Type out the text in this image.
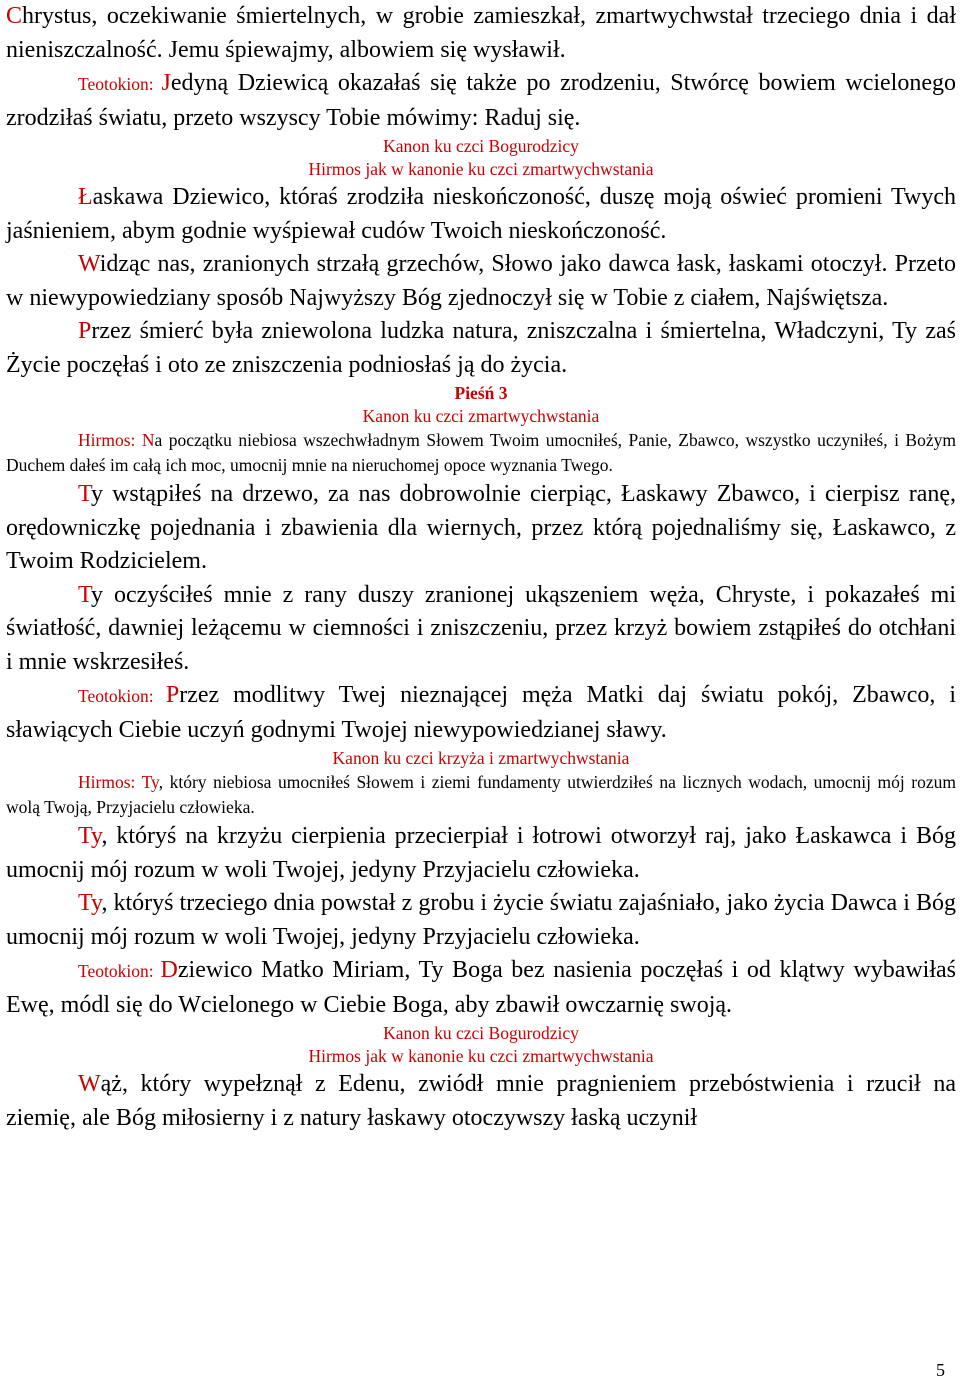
Chrystus, oczekiwanie śmiertelnych, w grobie zamieszkał, zmartwychwstał trzeciego dnia i dał nieniszczalność. Jemu śpiewajmy, albowiem się wysławił.

Teotokion: Jedyną Dziewicą okazałaś się także po zrodzeniu, Stwórcę bowiem wcielonego zrodziłaś światu, przeto wszyscy Tobie mówimy: Raduj się.

Kanon ku czci Bogurodzicy

Hirmos jak w kanonie ku czci zmartwychwstania

Łaskawa Dziewico, któraś zrodziła nieskończoność, duszę moją oświeć promieni Twych jaśnieniem, abym godnie wyśpiewał cudów Twoich nieskończoność.

Widząc nas, zranionych strzałą grzechów, Słowo jako dawca łask, łaskami otoczył. Przeto w niewypowiedziany sposób Najwyższy Bóg zjednoczył się w Tobie z ciałem, Najświętsza.

Przez śmierć była zniewolona ludzka natura, zniszczalna i śmiertelna, Władczyni, Ty zaś Życie poczęłaś i oto ze zniszczenia podniosłaś ją do życia.

Pieśń 3

Kanon ku czci zmartwychwstania

Hirmos: Na początku niebiosa wszechwładnym Słowem Twoim umocniłeś, Panie, Zbawco, wszystko uczyniłeś, i Bożym Duchem dałeś im całą ich moc, umocnij mnie na nieruchomej opoce wyznania Twego.

Ty wstąpiłeś na drzewo, za nas dobrowolnie cierpiąc, Łaskawy Zbawco, i cierpisz ranę, orędowniczkę pojednania i zbawienia dla wiernych, przez którą pojednaliśmy się, Łaskawco, z Twoim Rodzicielem.

Ty oczyściłeś mnie z rany duszy zranionej ukąszeniem węża, Chryste, i pokazałeś mi światłość, dawniej leżącemu w ciemności i zniszczeniu, przez krzyż bowiem zstąpiłeś do otchłani i mnie wskrzesiłeś.

Teotokion: Przez modlitwy Twej nieznającej męża Matki daj światu pokój, Zbawco, i sławiących Ciebie uczyń godnymi Twojej niewypowiedzianej sławy.

Kanon ku czci krzyża i zmartwychwstania

Hirmos: Ty, który niebiosa umocniłeś Słowem i ziemi fundamenty utwierdziłeś na licznych wodach, umocnij mój rozum wolą Twoją, Przyjacielu człowieka.

Ty, któryś na krzyżu cierpienia przecierpiał i łotrowi otworzył raj, jako Łaskawca i Bóg umocnij mój rozum w woli Twojej, jedyny Przyjacielu człowieka.

Ty, któryś trzeciego dnia powstał z grobu i życie światu zajaśniało, jako życia Dawca i Bóg umocnij mój rozum w woli Twojej, jedyny Przyjacielu człowieka.

Teotokion: Dziewico Matko Miriam, Ty Boga bez nasienia poczęłaś i od klątwy wybawiłaś Ewę, módl się do Wcielonego w Ciebie Boga, aby zbawił owczarnię swoją.

Kanon ku czci Bogurodzicy

Hirmos jak w kanonie ku czci zmartwychwstania

Wąż, który wypełznął z Edenu, zwiódł mnie pragnieniem przebóstwienia i rzucił na ziemię, ale Bóg miłosierny i z natury łaskawy otoczywszy łaską uczynił

5
